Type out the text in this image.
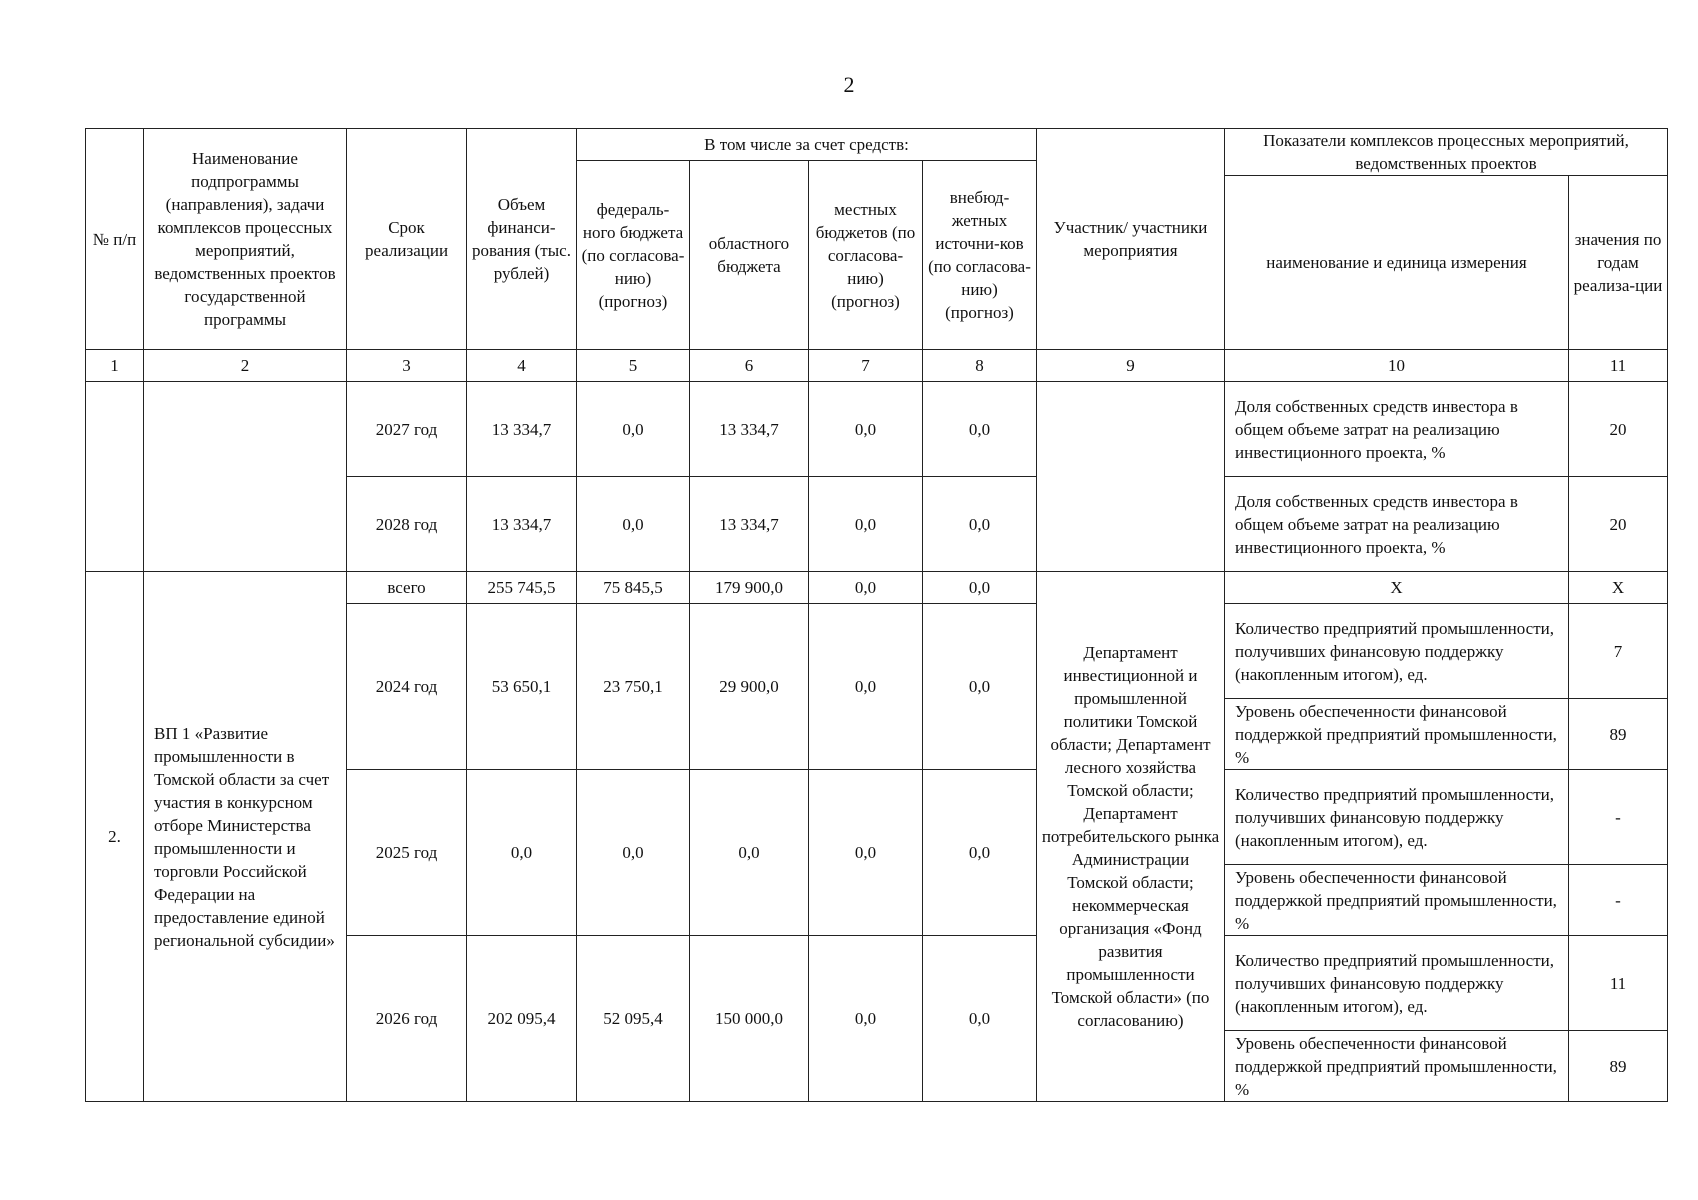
2
№ п/п	Наименование подпрограммы (направления), задачи комплексов процессных мероприятий, ведомственных проектов государственной программы	Срок реализации	Объем финанси-рования (тыс. рублей)	В том числе за счет средств:				Участник/ участники мероприятия	Показатели комплексов процессных мероприятий, ведомственных проектов	
				федераль-ного бюджета (по согласова-нию) (прогноз)	областного бюджета	местных бюджетов (по согласова-нию) (прогноз)	внебюд-жетных источни-ков (по согласова-нию) (прогноз)			
									наименование и единица измерения	значения по годам реализа-ции
1	2	3	4	5	6	7	8	9	10	11
		2027 год	13 334,7	0,0	13 334,7	0,0	0,0		Доля собственных средств инвестора в общем объеме затрат на реализацию инвестиционного проекта, %	20
		2028 год	13 334,7	0,0	13 334,7	0,0	0,0		Доля собственных средств инвестора в общем объеме затрат на реализацию инвестиционного проекта, %	20
2.	ВП 1 «Развитие промышленности в Томской области за счет участия в конкурсном отборе Министерства промышленности и торговли Российской Федерации на предоставление единой региональной субсидии»	всего	255 745,5	75 845,5	179 900,0	0,0	0,0	Департамент инвестиционной и промышленной политики Томской области; Департамент лесного хозяйства Томской области; Департамент потребительского рынка Администрации Томской области; некоммерческая организация «Фонд развития промышленности Томской области» (по согласованию)	X	X
		2024 год	53 650,1	23 750,1	29 900,0	0,0	0,0		Количество предприятий промышленности, получивших финансовую поддержку (накопленным итогом), ед.	7
									Уровень обеспеченности финансовой поддержкой предприятий промышленности, %	89
		2025 год	0,0	0,0	0,0	0,0	0,0		Количество предприятий промышленности, получивших финансовую поддержку (накопленным итогом), ед.	-
									Уровень обеспеченности финансовой поддержкой предприятий промышленности, %	-
		2026 год	202 095,4	52 095,4	150 000,0	0,0	0,0		Количество предприятий промышленности, получивших финансовую поддержку (накопленным итогом), ед.	11
									Уровень обеспеченности финансовой поддержкой предприятий промышленности, %	89
